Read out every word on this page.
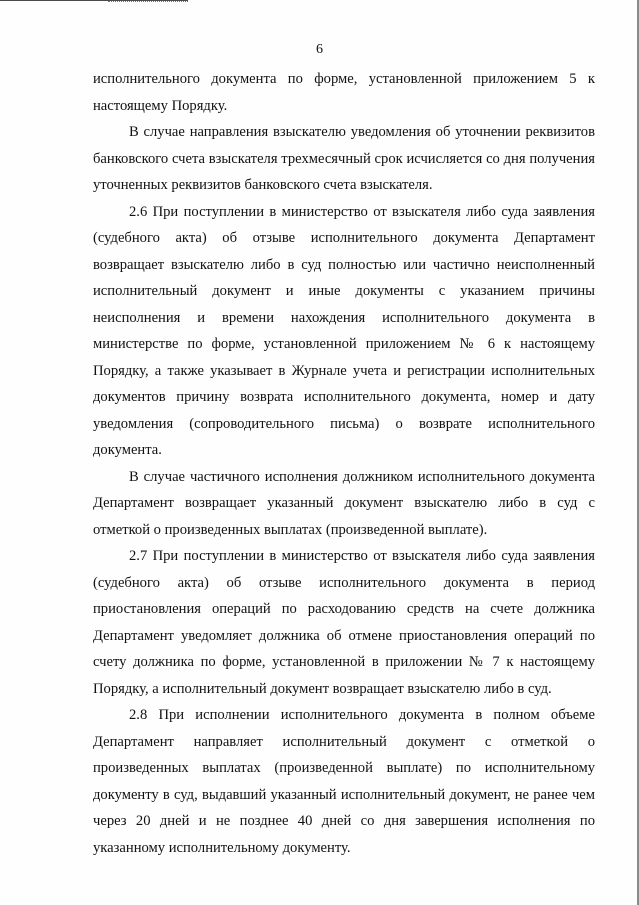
6

исполнительного документа по форме, установленной приложением 5 к настоящему Порядку.

В случае направления взыскателю уведомления об уточнении реквизитов банковского счета взыскателя трехмесячный срок исчисляется со дня получения уточненных реквизитов банковского счета взыскателя.

2.6 При поступлении в министерство от взыскателя либо суда заявления (судебного акта) об отзыве исполнительного документа Департамент возвращает взыскателю либо в суд полностью или частично неисполненный исполнительный документ и иные документы с указанием причины неисполнения и времени нахождения исполнительного документа в министерстве по форме, установленной приложением № 6 к настоящему Порядку, а также указывает в Журнале учета и регистрации исполнительных документов причину возврата исполнительного документа, номер и дату уведомления (сопроводительного письма) о возврате исполнительного документа.

В случае частичного исполнения должником исполнительного документа Департамент возвращает указанный документ взыскателю либо в суд с отметкой о произведенных выплатах (произведенной выплате).

2.7 При поступлении в министерство от взыскателя либо суда заявления (судебного акта) об отзыве исполнительного документа в период приостановления операций по расходованию средств на счете должника Департамент уведомляет должника об отмене приостановления операций по счету должника по форме, установленной в приложении № 7 к настоящему Порядку, а исполнительный документ возвращает взыскателю либо в суд.

2.8 При исполнении исполнительного документа в полном объеме Департамент направляет исполнительный документ с отметкой о произведенных выплатах (произведенной выплате) по исполнительному документу в суд, выдавший указанный исполнительный документ, не ранее чем через 20 дней и не позднее 40 дней со дня завершения исполнения по указанному исполнительному документу.
